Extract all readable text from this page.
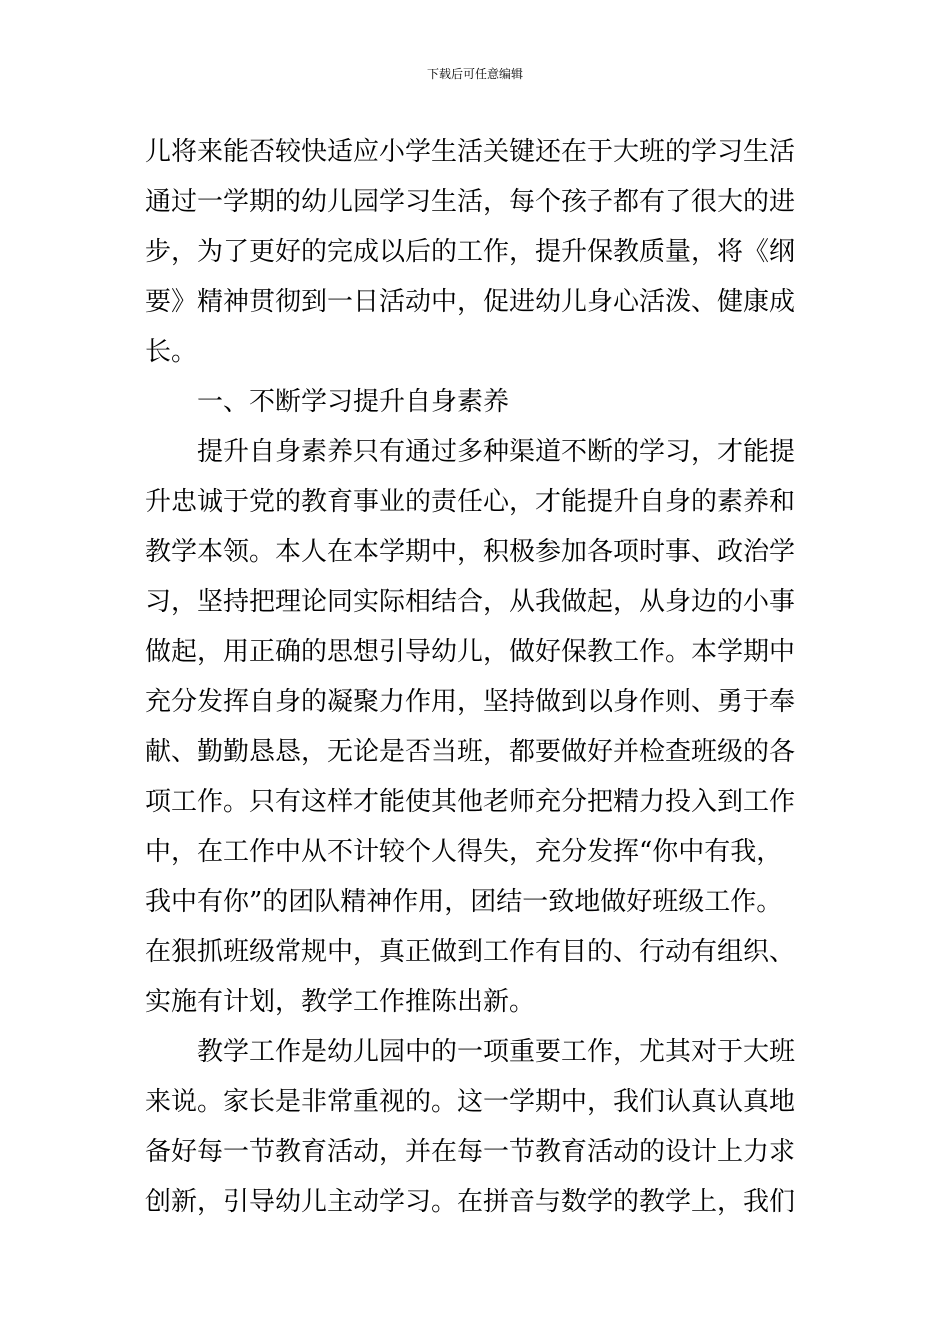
下载后可任意编辑
儿将来能否较快适应小学生活关键还在于大班的学习生活
通过一学期的幼儿园学习生活，每个孩子都有了很大的进
步，为了更好的完成以后的工作，提升保教质量，将《纲
要》精神贯彻到一日活动中，促进幼儿身心活泼、健康成
长。
一、不断学习提升自身素养
提升自身素养只有通过多种渠道不断的学习，才能提
升忠诚于党的教育事业的责任心，才能提升自身的素养和
教学本领。本人在本学期中，积极参加各项时事、政治学
习，坚持把理论同实际相结合，从我做起，从身边的小事
做起，用正确的思想引导幼儿，做好保教工作。本学期中
充分发挥自身的凝聚力作用，坚持做到以身作则、勇于奉
献、勤勤恳恳，无论是否当班，都要做好并检查班级的各
项工作。只有这样才能使其他老师充分把精力投入到工作
中，在工作中从不计较个人得失，充分发挥“你中有我，
我中有你”的团队精神作用，团结一致地做好班级工作。
在狠抓班级常规中，真正做到工作有目的、行动有组织、
实施有计划，教学工作推陈出新。
教学工作是幼儿园中的一项重要工作，尤其对于大班
来说。家长是非常重视的。这一学期中，我们认真认真地
备好每一节教育活动，并在每一节教育活动的设计上力求
创新，引导幼儿主动学习。在拼音与数学的教学上，我们
